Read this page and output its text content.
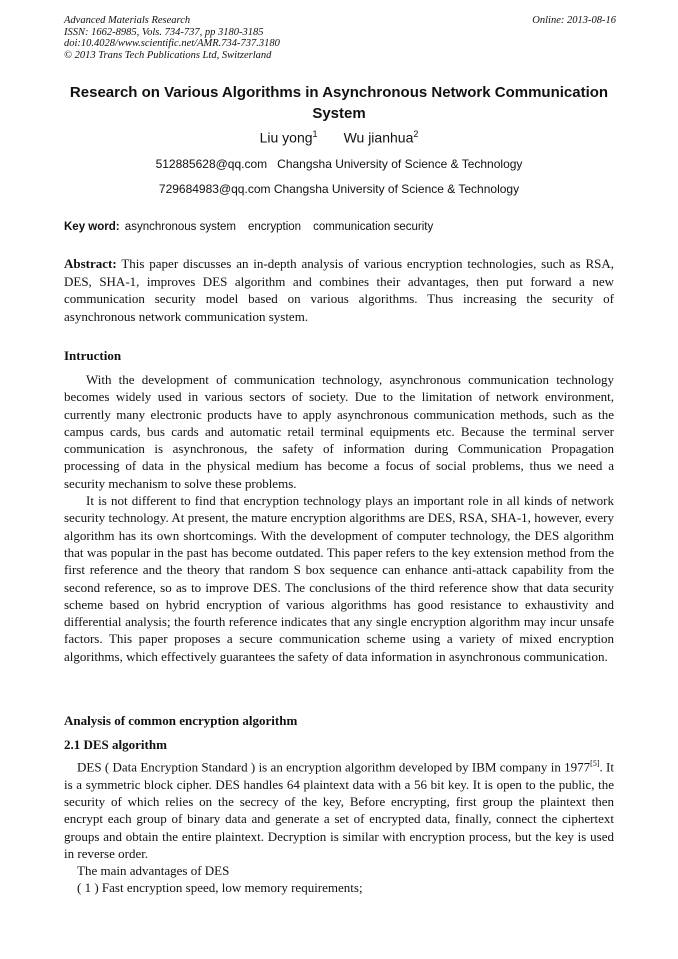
Advanced Materials Research
ISSN: 1662-8985, Vols. 734-737, pp 3180-3185
doi:10.4028/www.scientific.net/AMR.734-737.3180
© 2013 Trans Tech Publications Ltd, Switzerland
Online: 2013-08-16
Research on Various Algorithms in Asynchronous Network Communication System
Liu yong$^1$ Wu jianhua$^2$
512885628@qq.com Changsha University of Science & Technology
729684983@qq.com Changsha University of Science & Technology
Key word: asynchronous system encryption communication security
Abstract: This paper discusses an in-depth analysis of various encryption technologies, such as RSA, DES, SHA-1, improves DES algorithm and combines their advantages, then put forward a new communication security model based on various algorithms. Thus increasing the security of asynchronous network communication system.
Intruction

With the development of communication technology, asynchronous communication technology becomes widely used in various sectors of society. Due to the limitation of network environment, currently many electronic products have to apply asynchronous communication methods, such as the campus cards, bus cards and automatic retail terminal equipments etc. Because the terminal server communication is asynchronous, the safety of information during Communication Propagation processing of data in the physical medium has become a focus of social problems, thus we need a security mechanism to solve these problems.

It is not different to find that encryption technology plays an important role in all kinds of network security technology. At present, the mature encryption algorithms are DES, RSA, SHA-1, however, every algorithm has its own shortcomings. With the development of computer technology, the DES algorithm that was popular in the past has become outdated. This paper refers to the key extension method from the first reference and the theory that random S box sequence can enhance anti-attack capability from the second reference, so as to improve DES. The conclusions of the third reference show that data security scheme based on hybrid encryption of various algorithms has good resistance to exhaustivity and differential analysis; the fourth reference indicates that any single encryption algorithm may incur unsafe factors. This paper proposes a secure communication scheme using a variety of mixed encryption algorithms, which effectively guarantees the safety of data information in asynchronous communication.

Analysis of common encryption algorithm
2.1 DES algorithm

DES ( Data Encryption Standard ) is an encryption algorithm developed by IBM company in 1977[5]. It is a symmetric block cipher. DES handles 64 plaintext data with a 56 bit key. It is open to the public, the security of which relies on the secrecy of the key, Before encrypting, first group the plaintext then encrypt each group of binary data and generate a set of encrypted data, finally, connect the ciphertext groups and obtain the entire plaintext. Decryption is similar with encryption process, but the key is used in reverse order.

The main advantages of DES

( 1 ) Fast encryption speed, low memory requirements;
